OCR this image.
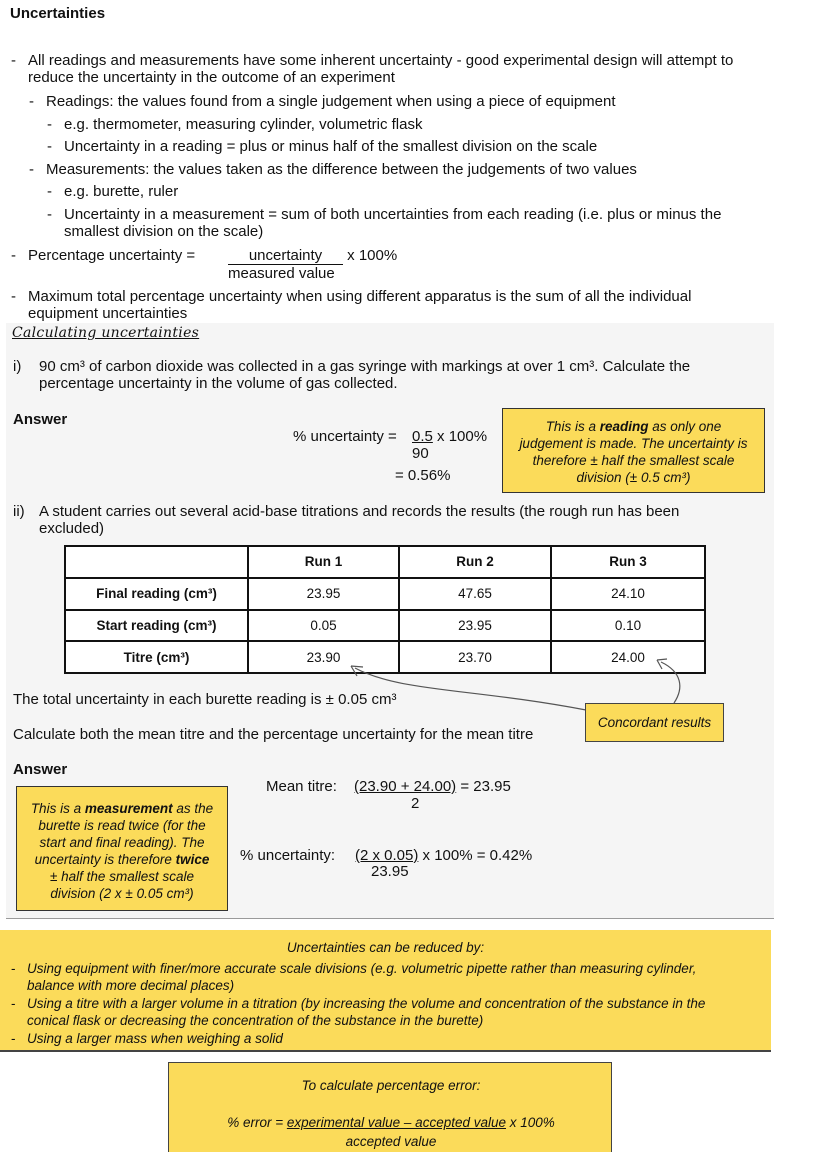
Uncertainties
- All readings and measurements have some inherent uncertainty - good experimental design will attempt to
reduce the uncertainty in the outcome of an experiment
- Readings: the values found from a single judgement when using a piece of equipment
- e.g. thermometer, measuring cylinder, volumetric flask
- Uncertainty in a reading = plus or minus half of the smallest division on the scale
- Measurements: the values taken as the difference between the judgements of two values
- e.g. burette, ruler
- Uncertainty in a measurement = sum of both uncertainties from each reading (i.e. plus or minus the
smallest division on the scale)
- Percentage uncertainty =	uncertainty x 100%
measured value
- Maximum total percentage uncertainty when using different apparatus is the sum of all the individual
equipment uncertainties
Calculating uncertainties
i) 90 cm³ of carbon dioxide was collected in a gas syringe with markings at over 1 cm³. Calculate the
percentage uncertainty in the volume of gas collected.
Answer
% uncertainty = 0.5 x 100%
90
= 0.56%
This is a reading as only one
judgement is made. The uncertainty is
therefore ± half the smallest scale
division (± 0.5 cm³)
ii) A student carries out several acid-base titrations and records the results (the rough run has been
excluded)
	Run 1	Run 2	Run 3
Final reading (cm³)	23.95	47.65	24.10
Start reading (cm³)	0.05	23.95	0.10
Titre (cm³)	23.90	23.70	24.00
Concordant results
The total uncertainty in each burette reading is ± 0.05 cm³
Calculate both the mean titre and the percentage uncertainty for the mean titre
Answer
This is a measurement as the
burette is read twice (for the
start and final reading). The
uncertainty is therefore twice
± half the smallest scale
division (2 x ± 0.05 cm³)
Mean titre: (23.90 + 24.00) = 23.95
2
% uncertainty: (2 x 0.05) x 100% = 0.42%
23.95
Uncertainties can be reduced by:
- Using equipment with finer/more accurate scale divisions (e.g. volumetric pipette rather than measuring cylinder,
balance with more decimal places)
- Using a titre with a larger volume in a titration (by increasing the volume and concentration of the substance in the
conical flask or decreasing the concentration of the substance in the burette)
- Using a larger mass when weighing a solid
To calculate percentage error:
% error = experimental value – accepted value x 100%
accepted value
